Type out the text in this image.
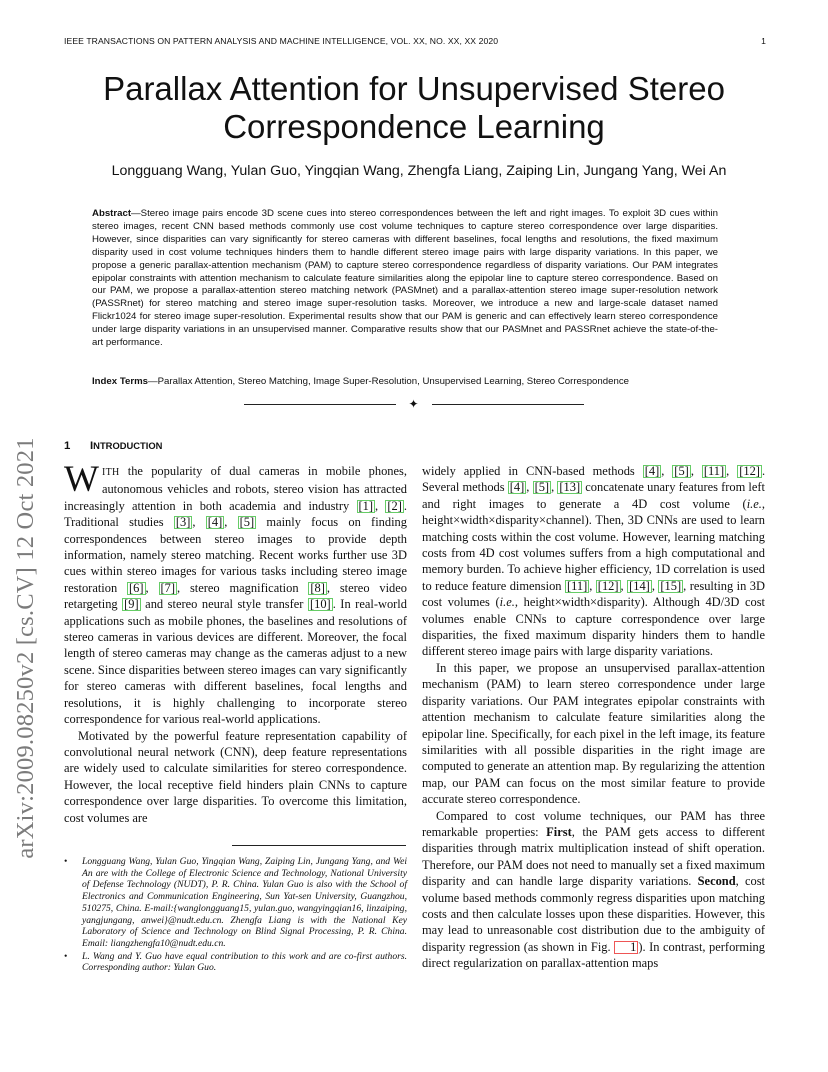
IEEE TRANSACTIONS ON PATTERN ANALYSIS AND MACHINE INTELLIGENCE, VOL. XX, NO. XX, XX 2020	1
Parallax Attention for Unsupervised Stereo
Correspondence Learning
Longguang Wang, Yulan Guo, Yingqian Wang, Zhengfa Liang, Zaiping Lin, Jungang Yang, Wei An
Abstract—Stereo image pairs encode 3D scene cues into stereo correspondences between the left and right images. To exploit 3D cues within stereo images, recent CNN based methods commonly use cost volume techniques to capture stereo correspondence over large disparities. However, since disparities can vary significantly for stereo cameras with different baselines, focal lengths and resolutions, the fixed maximum disparity used in cost volume techniques hinders them to handle different stereo image pairs with large disparity variations. In this paper, we propose a generic parallax-attention mechanism (PAM) to capture stereo correspondence regardless of disparity variations. Our PAM integrates epipolar constraints with attention mechanism to calculate feature similarities along the epipolar line to capture stereo correspondence. Based on our PAM, we propose a parallax-attention stereo matching network (PASMnet) and a parallax-attention stereo image super-resolution network (PASSRnet) for stereo matching and stereo image super-resolution tasks. Moreover, we introduce a new and large-scale dataset named Flickr1024 for stereo image super-resolution. Experimental results show that our PAM is generic and can effectively learn stereo correspondence under large disparity variations in an unsupervised manner. Comparative results show that our PASMnet and PASSRnet achieve the state-of-the-art performance.
Index Terms—Parallax Attention, Stereo Matching, Image Super-Resolution, Unsupervised Learning, Stereo Correspondence
✦
arXiv:2009.08250v2 [cs.CV] 12 Oct 2021 1 INTRODUCTION

WITH the popularity of dual cameras in mobile phones, autonomous vehicles and robots, stereo vision has attracted increasingly attention in both academia and industry [1] , [2] . Traditional studies [3] , [4] , [5] mainly focus on finding correspondences between stereo images to provide depth information, namely stereo matching. Recent works further use 3D cues within stereo images for various tasks including stereo image restoration [6] , [7] , stereo magnification [8] , stereo video retargeting [9] and stereo neural style transfer [10] . In real-world applications such as mobile phones, the baselines and resolutions of stereo cameras in various devices are different. Moreover, the focal length of stereo cameras may change as the cameras adjust to a new scene. Since disparities between stereo images can vary significantly for stereo cameras with different baselines, focal lengths and resolutions, it is highly challenging to incorporate stereo correspondence for various real-world applications.

Motivated by the powerful feature representation capability of convolutional neural network (CNN), deep feature representations are widely used to calculate similarities for stereo correspondence. However, the local receptive field hinders plain CNNs to capture correspondence over large disparities. To overcome this limitation, cost volumes are

• Longguang Wang, Yulan Guo, Yingqian Wang, Zaiping Lin, Jungang Yang, and Wei An are with the College of Electronic Science and Technology, National University of Defense Technology (NUDT), P. R. China. Yulan Guo is also with the School of Electronics and Communication Engineering, Sun Yat-sen University, Guangzhou, 510275, China. E-mail:{wanglongguang15, yulan.guo, wangyingqian16, linzaiping, yangjungang, anwei}@nudt.edu.cn. Zhengfa Liang is with the National Key Laboratory of Science and Technology on Blind Signal Processing, P. R. China. Email: liangzhengfa10@nudt.edu.cn.
• L. Wang and Y. Guo have equal contribution to this work and are co-first authors. Corresponding author: Yulan Guo.

widely applied in CNN-based methods [4] , [5] , [11] , [12] . Several methods [4] , [5] , [13] concatenate unary features from left and right images to generate a 4D cost volume (i.e., height×width×disparity×channel). Then, 3D CNNs are used to learn matching costs within the cost volume. However, learning matching costs from 4D cost volumes suffers from a high computational and memory burden. To achieve higher efficiency, 1D correlation is used to reduce feature dimension [11] , [12] , [14] , [15] , resulting in 3D cost volumes (i.e., height×width×disparity). Although 4D/3D cost volumes enable CNNs to capture correspondence over large disparities, the fixed maximum disparity hinders them to handle different stereo image pairs with large disparity variations.

In this paper, we propose an unsupervised parallax-attention mechanism (PAM) to learn stereo correspondence under large disparity variations. Our PAM integrates epipolar constraints with attention mechanism to calculate feature similarities along the epipolar line. Specifically, for each pixel in the left image, its feature similarities with all possible disparities in the right image are computed to generate an attention map. By regularizing the attention map, our PAM can focus on the most similar feature to provide accurate stereo correspondence.

Compared to cost volume techniques, our PAM has three remarkable properties: First, the PAM gets access to different disparities through matrix multiplication instead of shift operation. Therefore, our PAM does not need to manually set a fixed maximum disparity and can handle large disparity variations. Second, cost volume based methods commonly regress disparities upon matching costs and then calculate losses upon these disparities. However, this may lead to unreasonable cost distribution due to the ambiguity of disparity regression (as shown in Fig. 1 ). In contrast, performing direct regularization on parallax-attention maps
